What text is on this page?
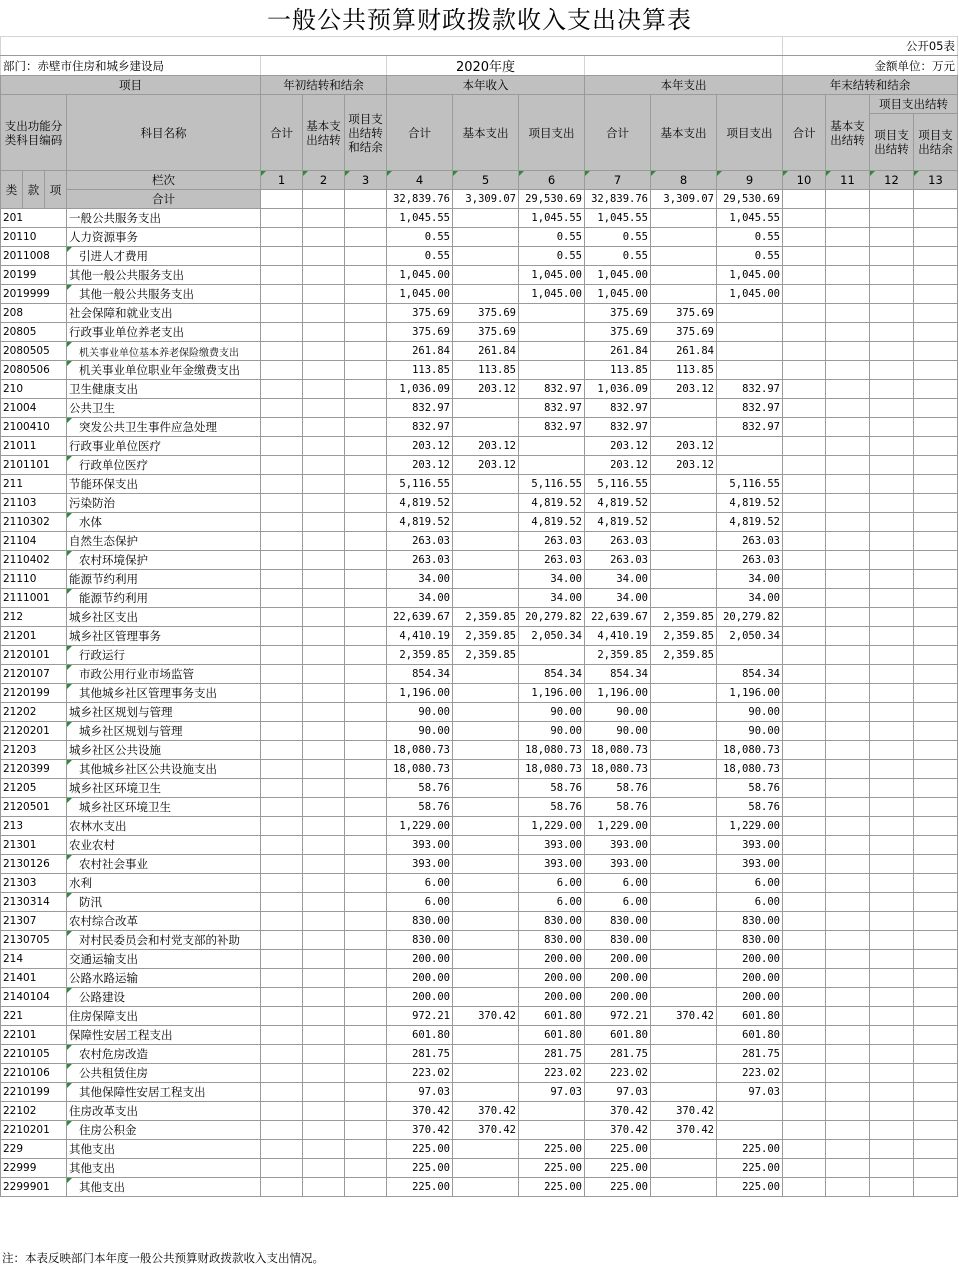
一般公共预算财政拨款收入支出决算表
													公开05表			
部门：赤壁市住房和城乡建设局							2020年度						金额单位：万元			
项目				年初结转和结余			本年收入			本年支出			年末结转和结余			
支出功能分类科目编码			科目名称	合计	基本支出结转	项目支出结转和结余	合计	基本支出	项目支出	合计	基本支出	项目支出	合计	基本支出结转	项目支出结转	
															项目支出结转	项目支出结余
类	款	项	栏次	1	2	3	4	5	6	7	8	9	10	11	12	13
			合计				32,839.76	3,309.07	29,530.69	32,839.76	3,309.07	29,530.69				
201			一般公共服务支出				1,045.55		1,045.55	1,045.55		1,045.55				
20110			人力资源事务				0.55		0.55	0.55		0.55				
2011008			引进人才费用				0.55		0.55	0.55		0.55				
20199			其他一般公共服务支出				1,045.00		1,045.00	1,045.00		1,045.00				
2019999			其他一般公共服务支出				1,045.00		1,045.00	1,045.00		1,045.00				
208			社会保障和就业支出				375.69	375.69		375.69	375.69					
20805			行政事业单位养老支出				375.69	375.69		375.69	375.69					
2080505			机关事业单位基本养老保险缴费支出				261.84	261.84		261.84	261.84					
2080506			机关事业单位职业年金缴费支出				113.85	113.85		113.85	113.85					
210			卫生健康支出				1,036.09	203.12	832.97	1,036.09	203.12	832.97				
21004			公共卫生				832.97		832.97	832.97		832.97				
2100410			突发公共卫生事件应急处理				832.97		832.97	832.97		832.97				
21011			行政事业单位医疗				203.12	203.12		203.12	203.12					
2101101			行政单位医疗				203.12	203.12		203.12	203.12					
211			节能环保支出				5,116.55		5,116.55	5,116.55		5,116.55				
21103			污染防治				4,819.52		4,819.52	4,819.52		4,819.52				
2110302			水体				4,819.52		4,819.52	4,819.52		4,819.52				
21104			自然生态保护				263.03		263.03	263.03		263.03				
2110402			农村环境保护				263.03		263.03	263.03		263.03				
21110			能源节约利用				34.00		34.00	34.00		34.00				
2111001			能源节约利用				34.00		34.00	34.00		34.00				
212			城乡社区支出				22,639.67	2,359.85	20,279.82	22,639.67	2,359.85	20,279.82				
21201			城乡社区管理事务				4,410.19	2,359.85	2,050.34	4,410.19	2,359.85	2,050.34				
2120101			行政运行				2,359.85	2,359.85		2,359.85	2,359.85					
2120107			市政公用行业市场监管				854.34		854.34	854.34		854.34				
2120199			其他城乡社区管理事务支出				1,196.00		1,196.00	1,196.00		1,196.00				
21202			城乡社区规划与管理				90.00		90.00	90.00		90.00				
2120201			城乡社区规划与管理				90.00		90.00	90.00		90.00				
21203			城乡社区公共设施				18,080.73		18,080.73	18,080.73		18,080.73				
2120399			其他城乡社区公共设施支出				18,080.73		18,080.73	18,080.73		18,080.73				
21205			城乡社区环境卫生				58.76		58.76	58.76		58.76				
2120501			城乡社区环境卫生				58.76		58.76	58.76		58.76				
213			农林水支出				1,229.00		1,229.00	1,229.00		1,229.00				
21301			农业农村				393.00		393.00	393.00		393.00				
2130126			农村社会事业				393.00		393.00	393.00		393.00				
21303			水利				6.00		6.00	6.00		6.00				
2130314			防汛				6.00		6.00	6.00		6.00				
21307			农村综合改革				830.00		830.00	830.00		830.00				
2130705			对村民委员会和村党支部的补助				830.00		830.00	830.00		830.00				
214			交通运输支出				200.00		200.00	200.00		200.00				
21401			公路水路运输				200.00		200.00	200.00		200.00				
2140104			公路建设				200.00		200.00	200.00		200.00				
221			住房保障支出				972.21	370.42	601.80	972.21	370.42	601.80				
22101			保障性安居工程支出				601.80		601.80	601.80		601.80				
2210105			农村危房改造				281.75		281.75	281.75		281.75				
2210106			公共租赁住房				223.02		223.02	223.02		223.02				
2210199			其他保障性安居工程支出				97.03		97.03	97.03		97.03				
22102			住房改革支出				370.42	370.42		370.42	370.42					
2210201			住房公积金				370.42	370.42		370.42	370.42					
229			其他支出				225.00		225.00	225.00		225.00				
22999			其他支出				225.00		225.00	225.00		225.00				
2299901			其他支出				225.00		225.00	225.00		225.00				
注：本表反映部门本年度一般公共预算财政拨款收入支出情况。
